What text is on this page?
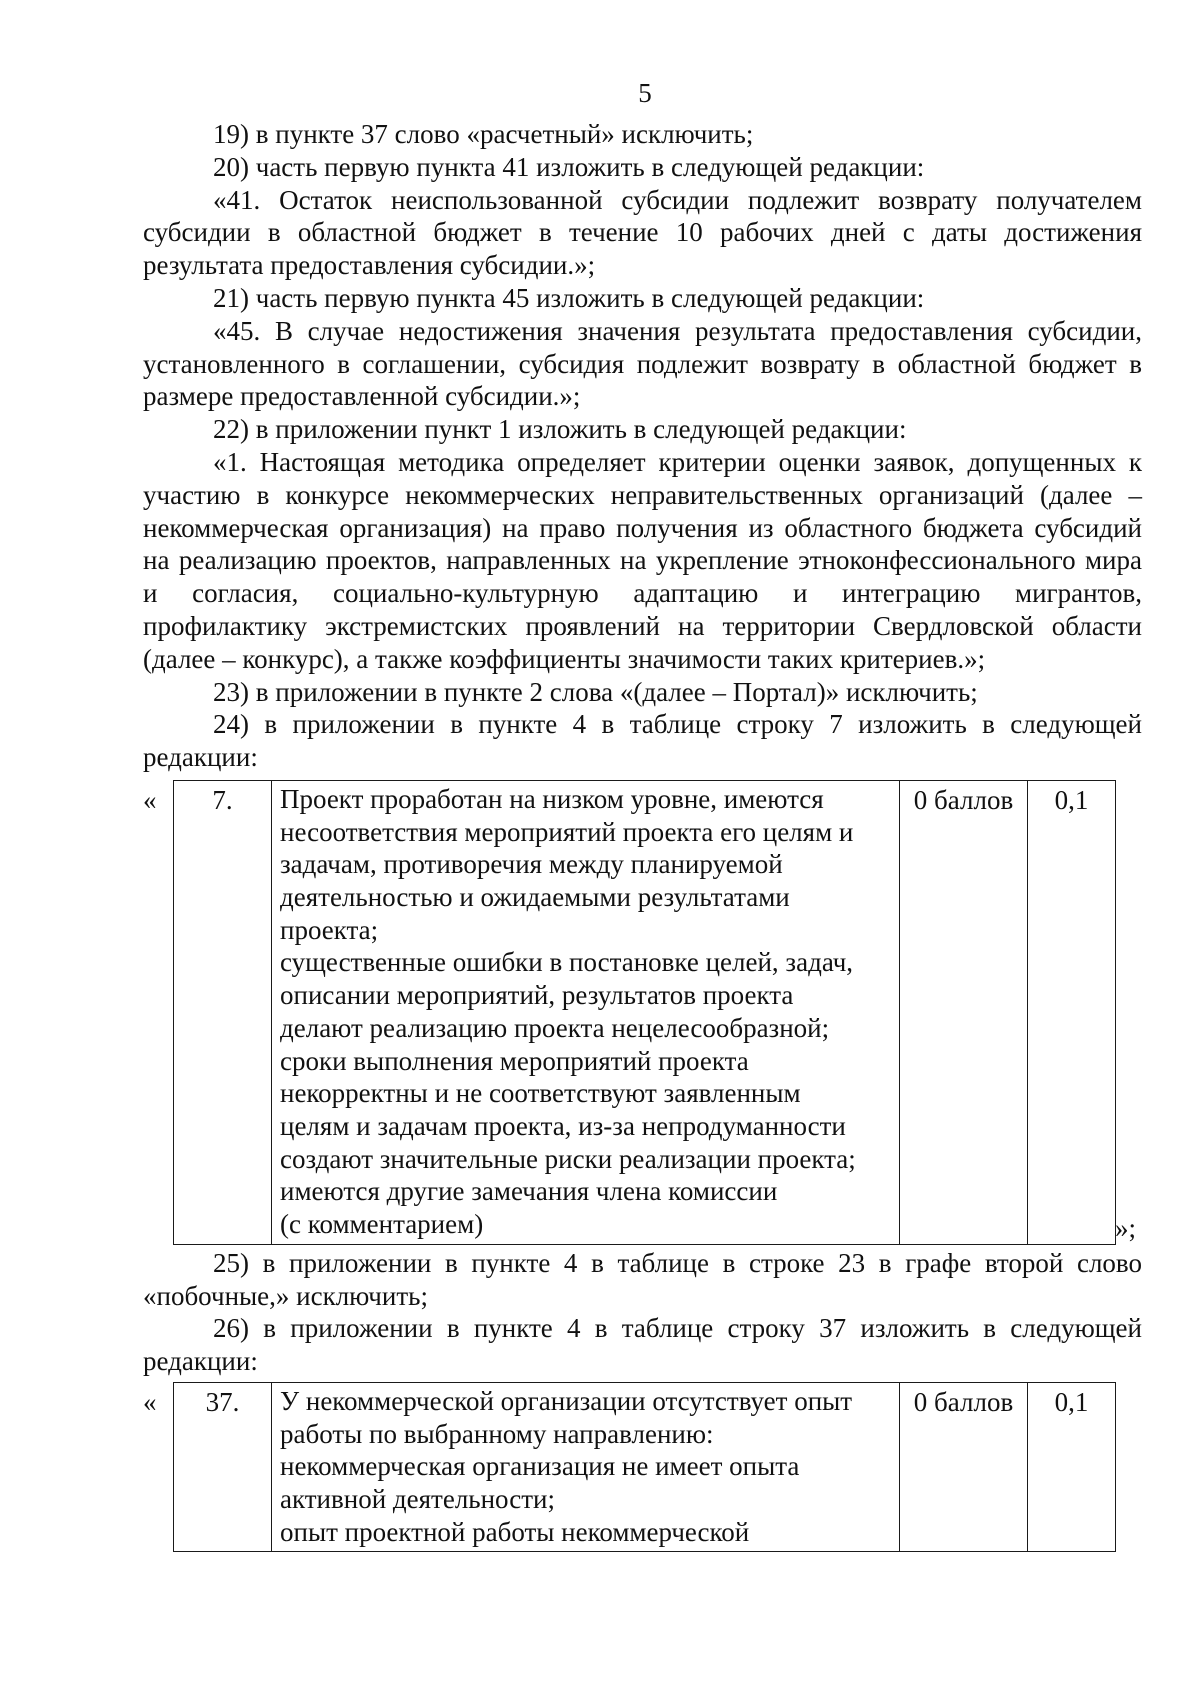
5

19) в пункте 37 слово «расчетный» исключить;

20) часть первую пункта 41 изложить в следующей редакции:

«41. Остаток неиспользованной субсидии подлежит возврату получателем субсидии в областной бюджет в течение 10 рабочих дней с даты достижения результата предоставления субсидии.»;

21) часть первую пункта 45 изложить в следующей редакции:

«45. В случае недостижения значения результата предоставления субсидии, установленного в соглашении, субсидия подлежит возврату в областной бюджет в размере предоставленной субсидии.»;

22) в приложении пункт 1 изложить в следующей редакции:

«1. Настоящая методика определяет критерии оценки заявок, допущенных к участию в конкурсе некоммерческих неправительственных организаций (далее – некоммерческая организация) на право получения из областного бюджета субсидий на реализацию проектов, направленных на укрепление этноконфессионального мира и согласия, социально-культурную адаптацию и интеграцию мигрантов, профилактику экстремистских проявлений на территории Свердловской области (далее – конкурс), а также коэффициенты значимости таких критериев.»;

23) в приложении в пункте 2 слова «(далее – Портал)» исключить;

24) в приложении в пункте 4 в таблице строку 7 изложить в следующей редакции:

« 7.	Проект проработан на низком уровне, имеются
несоответствия мероприятий проекта его целям и
задачам, противоречия между планируемой
деятельностью и ожидаемыми результатами
проекта;
существенные ошибки в постановке целей, задач,
описании мероприятий, результатов проекта
делают реализацию проекта нецелесообразной;
сроки выполнения мероприятий проекта
некорректны и не соответствуют заявленным
целям и задачам проекта, из-за непродуманности
создают значительные риски реализации проекта;
имеются другие замечания члена комиссии
(с комментарием)
	0 баллов	0,1
»;

25) в приложении в пункте 4 в таблице в строке 23 в графе второй слово «побочные,» исключить;

26) в приложении в пункте 4 в таблице строку 37 изложить в следующей редакции:

« 37.	У некоммерческой организации отсутствует опыт
работы по выбранному направлению:
некоммерческая организация не имеет опыта
активной деятельности;
опыт проектной работы некоммерческой
	0 баллов	0,1
